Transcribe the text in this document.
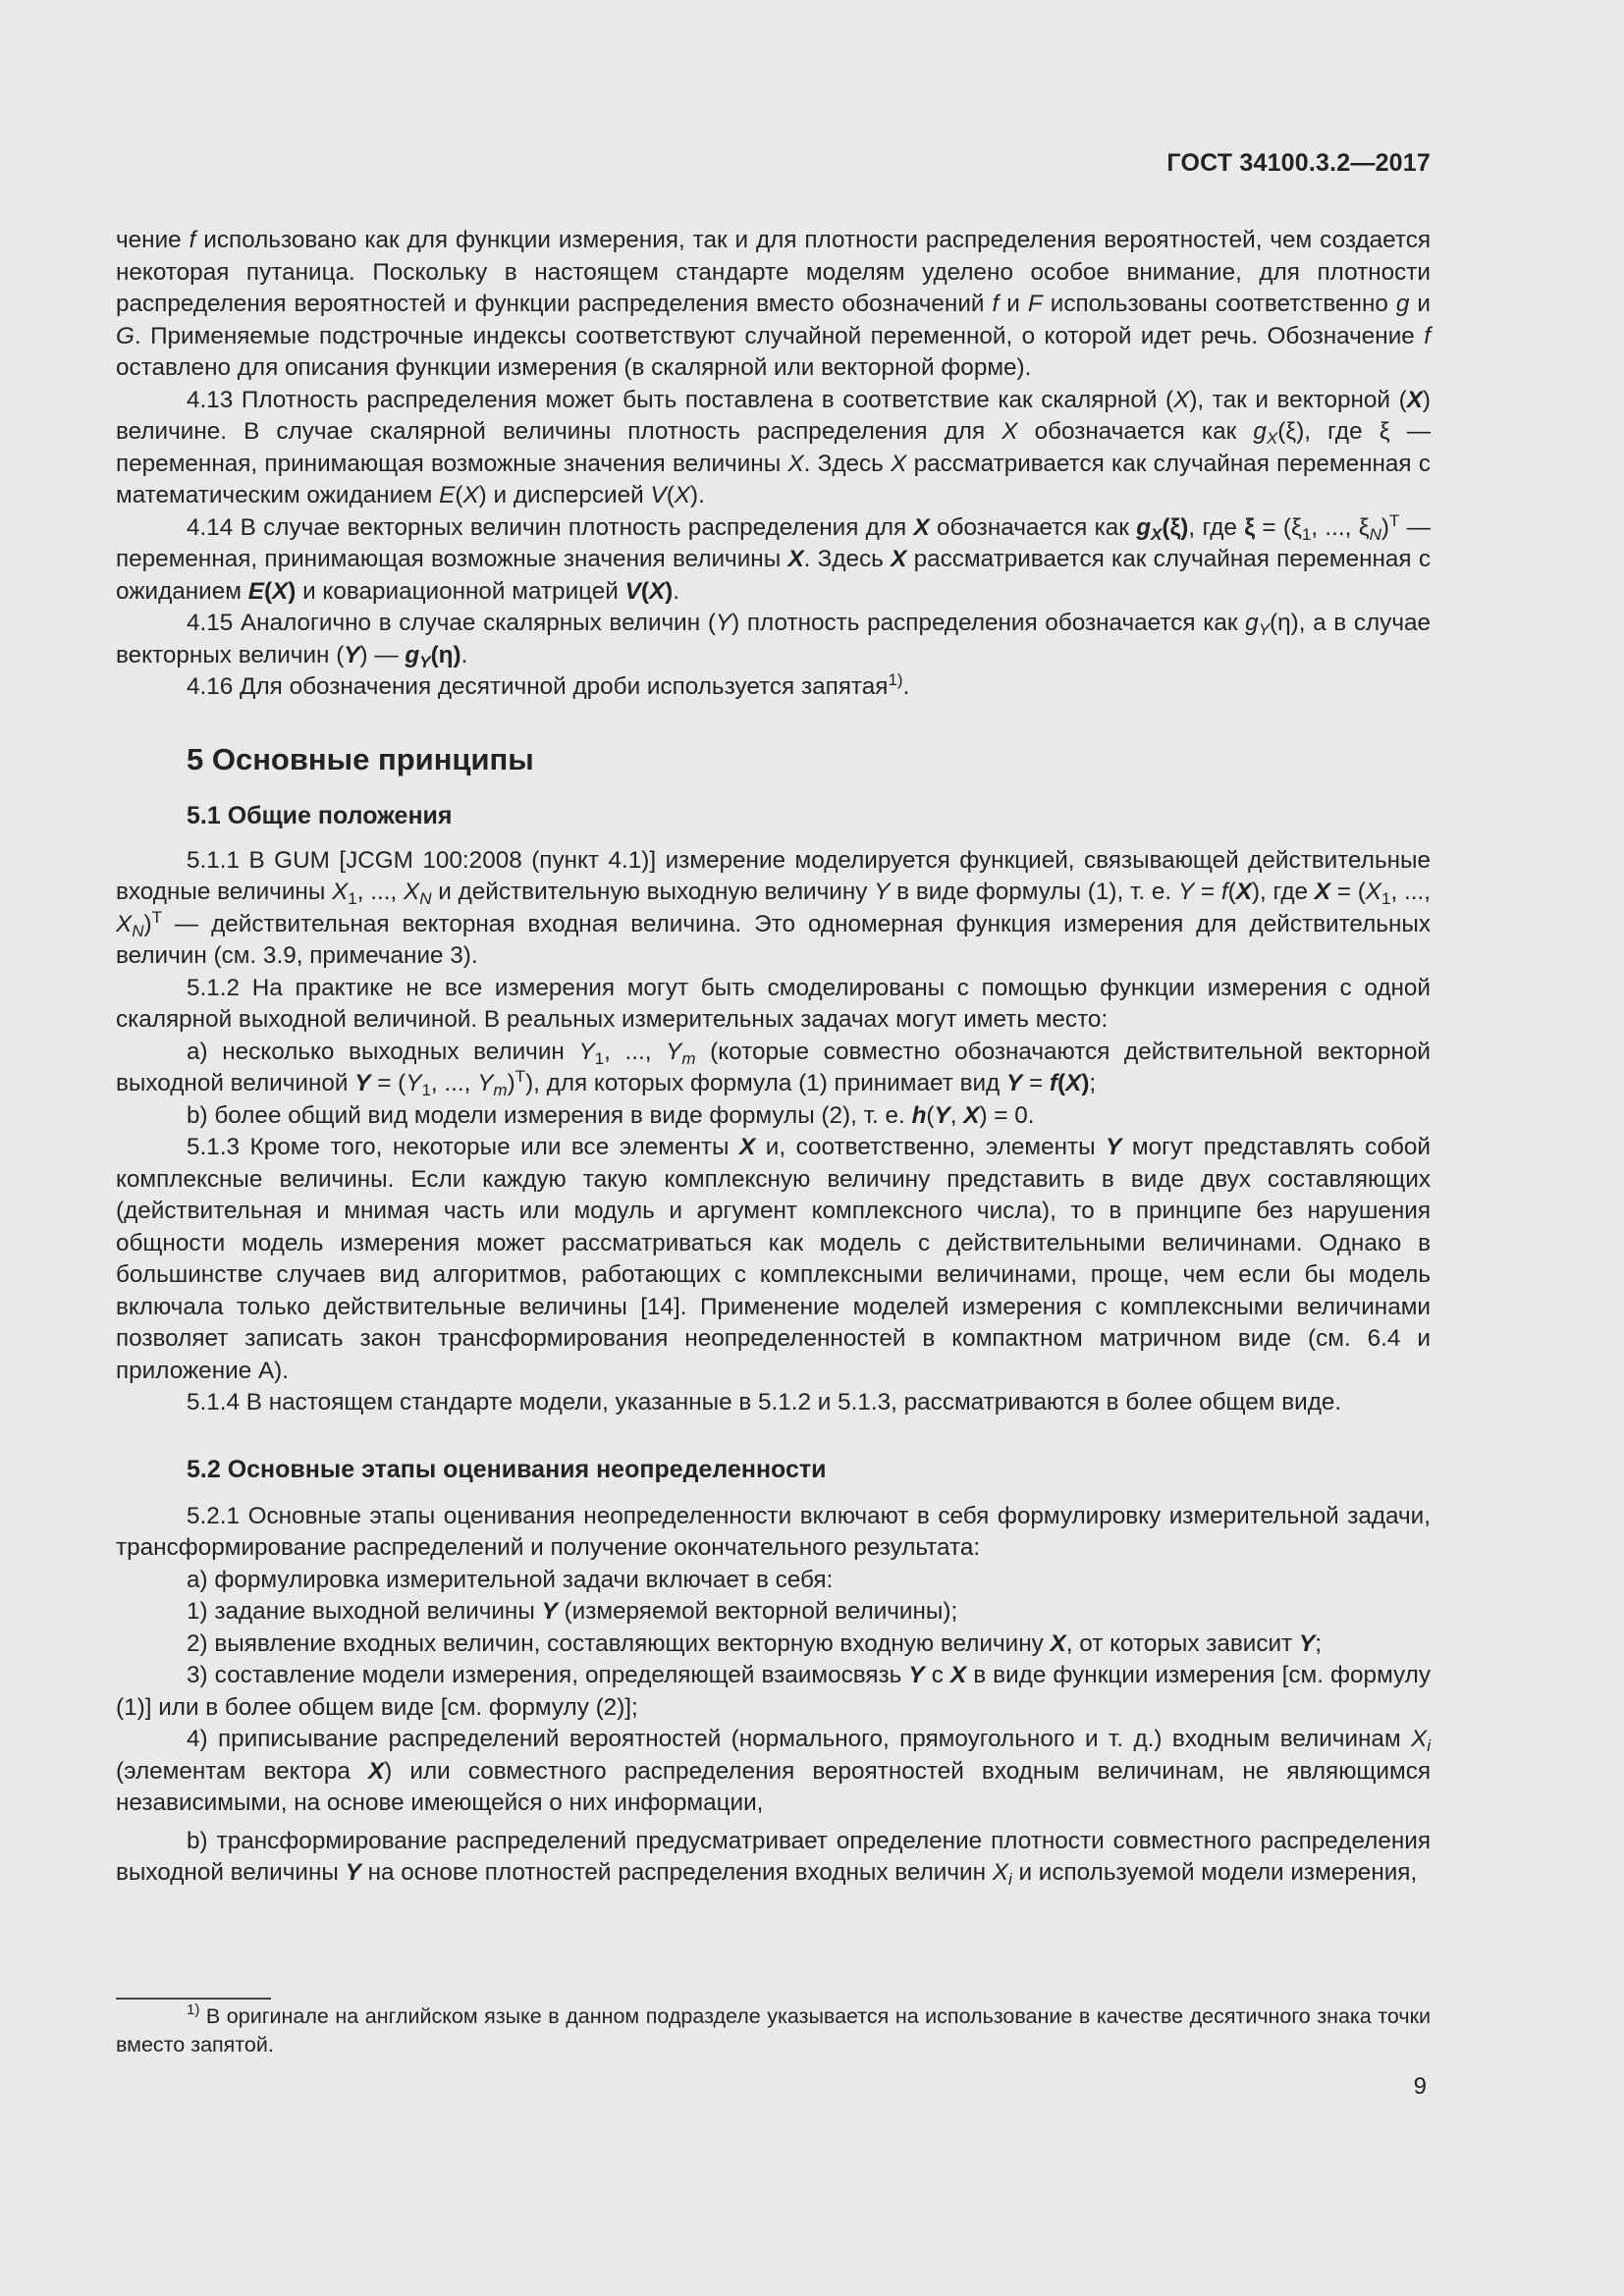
ГОСТ 34100.3.2—2017

чение f использовано как для функции измерения, так и для плотности распределения вероятностей, чем создается некоторая путаница. Поскольку в настоящем стандарте моделям уделено особое внимание, для плотности распределения вероятностей и функции распределения вместо обозначений f и F использованы соответственно g и G. Применяемые подстрочные индексы соответствуют случайной переменной, о которой идет речь. Обозначение f оставлено для описания функции измерения (в скалярной или векторной форме).

4.13 Плотность распределения может быть поставлена в соответствие как скалярной (X), так и векторной (X) величине. В случае скалярной величины плотность распределения для X обозначается как $g_X(\xi)$, где ξ — переменная, принимающая возможные значения величины X. Здесь X рассматривается как случайная переменная с математическим ожиданием E(X) и дисперсией V(X).

4.14 В случае векторных величин плотность распределения для X обозначается как $g_X(\xi)$, где $\xi = (\xi_1$, ..., $\xi_N)^T$ — переменная, принимающая возможные значения величины X. Здесь X рассматривается как случайная переменная с ожиданием E(X) и ковариационной матрицей V(X).

4.15 Аналогично в случае скалярных величин (Y) плотность распределения обозначается как $g_Y(\eta)$, а в случае векторных величин (Y) — $g_Y(\eta)$.

4.16 Для обозначения десятичной дроби используется запятая$^{1)}$.

5 Основные принципы

5.1 Общие положения

5.1.1 В GUM [JCGM 100:2008 (пункт 4.1)] измерение моделируется функцией, связывающей действительные входные величины $X_1$, ..., $X_N$ и действительную выходную величину Y в виде формулы (1), т. е. Y = f(X), где $X = (X_1$, ..., $X_N)^T$ — действительная векторная входная величина. Это одномерная функция измерения для действительных величин (см. 3.9, примечание 3).

5.1.2 На практике не все измерения могут быть смоделированы с помощью функции измерения с одной скалярной выходной величиной. В реальных измерительных задачах могут иметь место:

a) несколько выходных величин $Y_1$, ..., $Y_m$ (которые совместно обозначаются действительной векторной выходной величиной $Y = (Y_1$, ..., $Y_m)^T$), для которых формула (1) принимает вид Y = f(X);

b) более общий вид модели измерения в виде формулы (2), т. е. h(Y, X) = 0.

5.1.3 Кроме того, некоторые или все элементы X и, соответственно, элементы Y могут представлять собой комплексные величины. Если каждую такую комплексную величину представить в виде двух составляющих (действительная и мнимая часть или модуль и аргумент комплексного числа), то в принципе без нарушения общности модель измерения может рассматриваться как модель с действительными величинами. Однако в большинстве случаев вид алгоритмов, работающих с комплексными величинами, проще, чем если бы модель включала только действительные величины [14]. Применение моделей измерения с комплексными величинами позволяет записать закон трансформирования неопределенностей в компактном матричном виде (см. 6.4 и приложение А).

5.1.4 В настоящем стандарте модели, указанные в 5.1.2 и 5.1.3, рассматриваются в более общем виде.

5.2 Основные этапы оценивания неопределенности

5.2.1 Основные этапы оценивания неопределенности включают в себя формулировку измерительной задачи, трансформирование распределений и получение окончательного результата:

a) формулировка измерительной задачи включает в себя:

1) задание выходной величины Y (измеряемой векторной величины);

2) выявление входных величин, составляющих векторную входную величину X, от которых зависит Y;

3) составление модели измерения, определяющей взаимосвязь Y с X в виде функции измерения [см. формулу (1)] или в более общем виде [см. формулу (2)];

4) приписывание распределений вероятностей (нормального, прямоугольного и т. д.) входным величинам $X_i$ (элементам вектора X) или совместного распределения вероятностей входным величинам, не являющимся независимыми, на основе имеющейся о них информации,

b) трансформирование распределений предусматривает определение плотности совместного распределения выходной величины Y на основе плотностей распределения входных величин $X_i$ и используемой модели измерения,

$^{1)}$ В оригинале на английском языке в данном подразделе указывается на использование в качестве десятичного знака точки вместо запятой.
9
